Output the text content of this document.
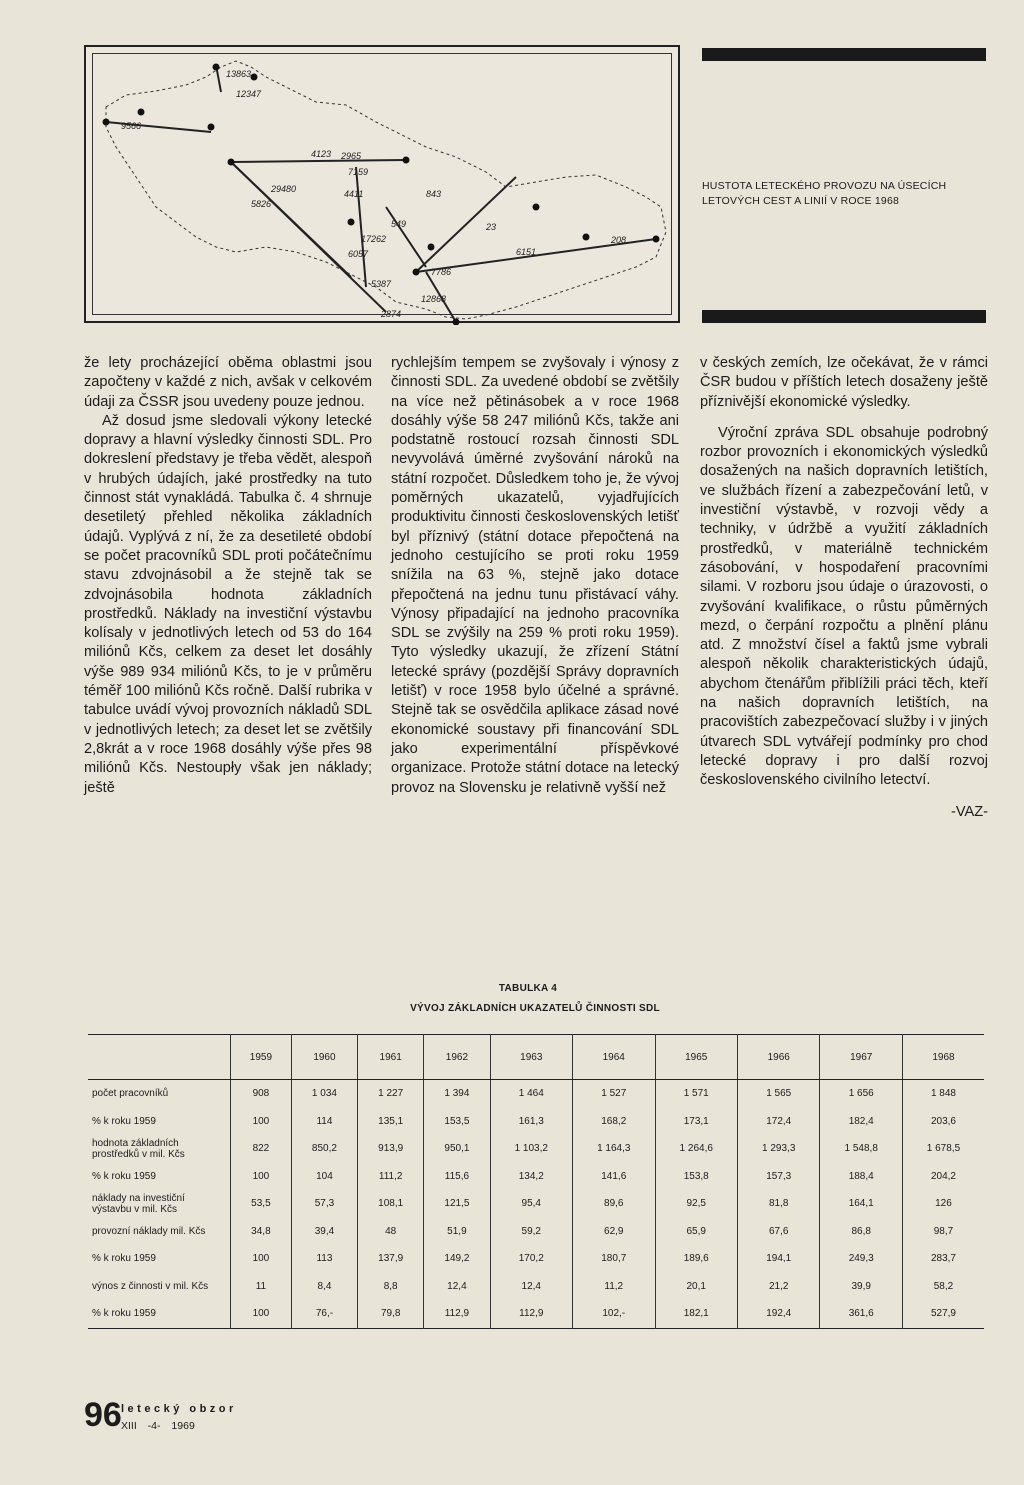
13863
12347
9566
4123 2965
7159
29480	4411
5826
843
549
17262
23
6057
7786
5387
6151
208
12868
2874
HUSTOTA LETECKÉHO PROVOZU NA ÚSECÍCH LETOVÝCH CEST A LINIÍ V ROCE 1968

že lety procházející oběma oblastmi jsou započteny v každé z nich, avšak v celkovém údaji za ČSSR jsou uvedeny pouze jednou.

Až dosud jsme sledovali výkony letecké dopravy a hlavní výsledky činnosti SDL. Pro dokreslení představy je třeba vědět, alespoň v hrubých údajích, jaké prostředky na tuto činnost stát vynakládá. Tabulka č. 4 shrnuje desetiletý přehled několika základních údajů. Vyplývá z ní, že za desetileté období se počet pracovníků SDL proti počátečnímu stavu zdvojnásobil a že stejně tak se zdvojnásobila hodnota základních prostředků. Náklady na investiční výstavbu kolísaly v jednotlivých letech od 53 do 164 miliónů Kčs, celkem za deset let dosáhly výše 989 934 miliónů Kčs, to je v průměru téměř 100 miliónů Kčs ročně. Další rubrika v tabulce uvádí vývoj provozních nákladů SDL v jednotlivých letech; za deset let se zvětšily 2,8krát a v roce 1968 dosáhly výše přes 98 miliónů Kčs. Nestoupły však jen náklady; ještě

rychlejším tempem se zvyšovaly i výnosy z činnosti SDL. Za uvedené období se zvětšily na více než pětinásobek a v roce 1968 dosáhly výše 58 247 miliónů Kčs, takže ani podstatně rostoucí rozsah činnosti SDL nevyvolává úměrné zvyšování nároků na státní rozpočet. Důsledkem toho je, že vývoj poměrných ukazatelů, vyjadřujících produktivitu činnosti československých letišť byl příznivý (státní dotace přepočtená na jednoho cestujícího se proti roku 1959 snížila na 63 %, stejně jako dotace přepočtená na jednu tunu přistávací váhy. Výnosy připadající na jednoho pracovníka SDL se zvýšily na 259 % proti roku 1959). Tyto výsledky ukazují, že zřízení Státní letecké správy (pozdější Správy dopravních letišť) v roce 1958 bylo účelné a správné. Stejně tak se osvědčila aplikace zásad nové ekonomické soustavy při financování SDL jako experimentální příspěvkové organizace. Protože státní dotace na letecký provoz na Slovensku je relativně vyšší než

v českých zemích, lze očekávat, že v rámci ČSR budou v příštích letech dosaženy ještě příznivější ekonomické výsledky.

Výroční zpráva SDL obsahuje podrobný rozbor provozních i ekonomických výsledků dosažených na našich dopravních letištích, ve službách řízení a zabezpečování letů, v investiční výstavbě, v rozvoji vědy a techniky, v údržbě a využití základních prostředků, v materiálně technickém zásobování, v hospodaření pracovními silami. V rozboru jsou údaje o úrazovosti, o zvyšování kvalifikace, o růstu půměrných mezd, o čerpání rozpočtu a plnění plánu atd. Z množství čísel a faktů jsme vybrali alespoň několik charakteristických údajů, abychom čtenářům přiblížili práci těch, kteří na našich dopravních letištích, na pracovištích zabezpečovací služby i v jiných útvarech SDL vytvářejí podmínky pro chod letecké dopravy i pro další rozvoj československého civilního letectví.

-VAZ-
TABULKA 4
VÝVOJ ZÁKLADNÍCH UKAZATELŮ ČINNOSTI SDL
	1959	1960	1961	1962	1963	1964	1965	1966	1967	1968
počet pracovníků	908	1 034	1 227	1 394	1 464	1 527	1 571	1 565	1 656	1 848
% k roku 1959	100	114	135,1	153,5	161,3	168,2	173,1	172,4	182,4	203,6
hodnota základních prostředků v mil. Kčs	822	850,2	913,9	950,1	1 103,2	1 164,3	1 264,6	1 293,3	1 548,8	1 678,5
% k roku 1959	100	104	111,2	115,6	134,2	141,6	153,8	157,3	188,4	204,2
náklady na investiční výstavbu v mil. Kčs	53,5	57,3	108,1	121,5	95,4	89,6	92,5	81,8	164,1	126
provozní náklady mil. Kčs	34,8	39,4	48	51,9	59,2	62,9	65,9	67,6	86,8	98,7
% k roku 1959	100	113	137,9	149,2	170,2	180,7	189,6	194,1	249,3	283,7
výnos z činnosti v mil. Kčs	11	8,4	8,8	12,4	12,4	11,2	20,1	21,2	39,9	58,2
% k roku 1959	100	76,-	79,8	112,9	112,9	102,-	182,1	192,4	361,6	527,9
96 letecký obzor
XIII -4- 1969
